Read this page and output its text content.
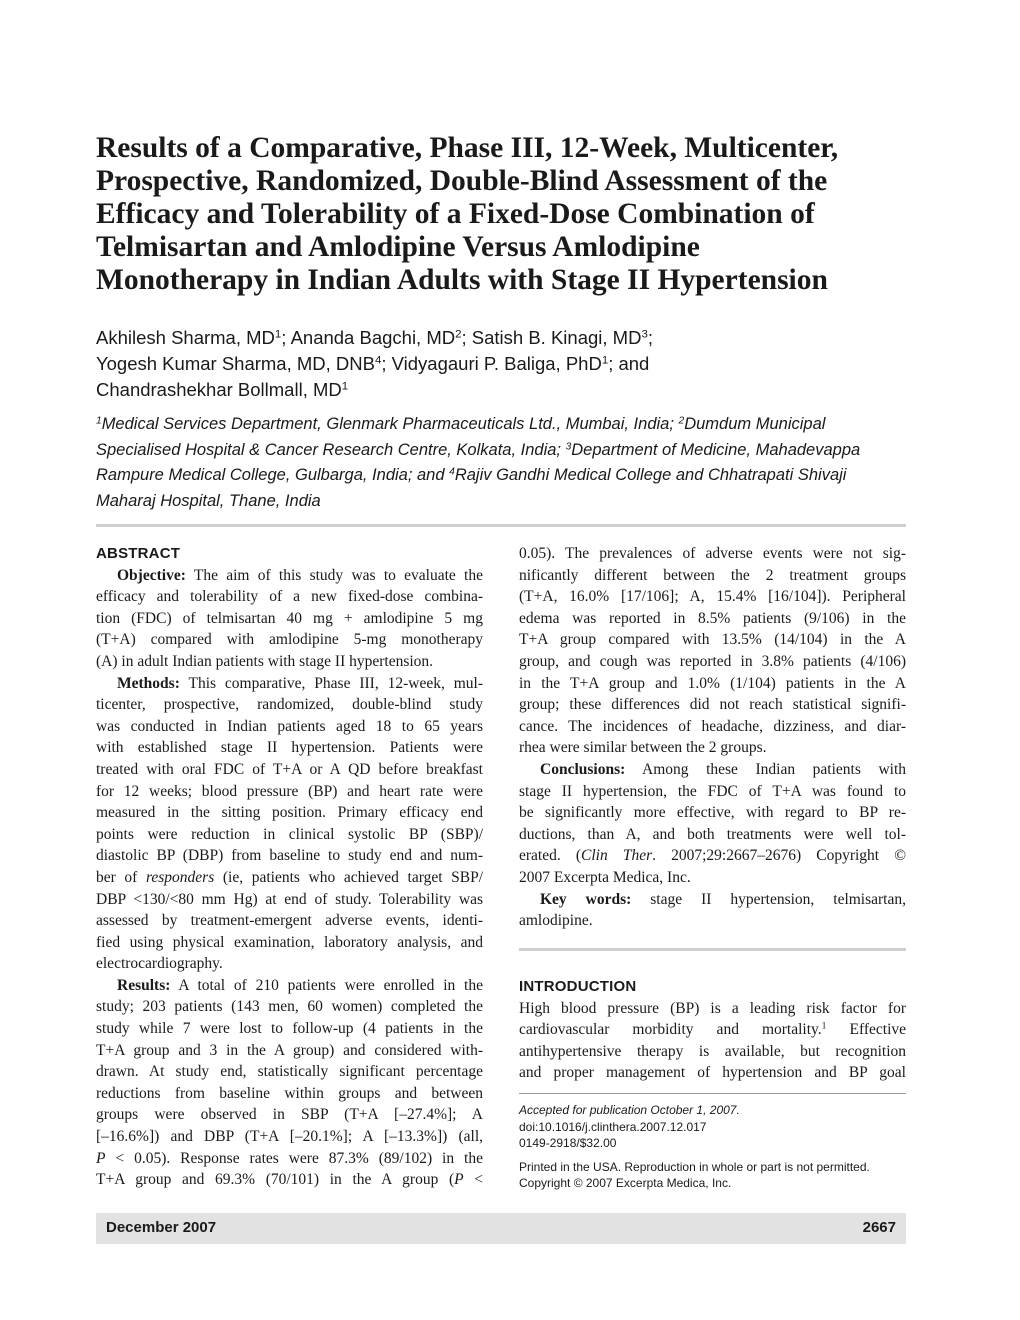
Results of a Comparative, Phase III, 12-Week, Multicenter,
Prospective, Randomized, Double-Blind Assessment of the
Efficacy and Tolerability of a Fixed-Dose Combination of
Telmisartan and Amlodipine Versus Amlodipine
Monotherapy in Indian Adults with Stage II Hypertension
Akhilesh Sharma, $MD^1$; Ananda Bagchi, $MD^2$; Satish B. Kinagi, $MD^3$;
Yogesh Kumar Sharma, MD, DNB$^4$; Vidyagauri P. Baliga, PhD$^1$; and
Chandrashekhar Bollmall, $MD^1$
$^1$Medical Services Department, Glenmark Pharmaceuticals Ltd., Mumbai, India; $^2$Dumdum Municipal
Specialised Hospital & Cancer Research Centre, Kolkata, India; $^3$Department of Medicine, Mahadevappa
Rampure Medical College, Gulbarga, India; and $^4$Rajiv Gandhi Medical College and Chhatrapati Shivaji
Maharaj Hospital, Thane, India
ABSTRACT
Objective: The aim of this study was to evaluate the
efficacy and tolerability of a new fixed-dose combina-
tion (FDC) of telmisartan 40 mg + amlodipine 5 mg
(T+A) compared with amlodipine 5-mg monotherapy
(A) in adult Indian patients with stage II hypertension.
Methods: This comparative, Phase III, 12-week, mul-
ticenter, prospective, randomized, double-blind study
was conducted in Indian patients aged 18 to 65 years
with established stage II hypertension. Patients were
treated with oral FDC of T+A or A QD before breakfast
for 12 weeks; blood pressure (BP) and heart rate were
measured in the sitting position. Primary efficacy end
points were reduction in clinical systolic BP (SBP)/
diastolic BP (DBP) from baseline to study end and num-
ber of responders (ie, patients who achieved target SBP/
DBP <130/<80 mm Hg) at end of study. Tolerability was
assessed by treatment-emergent adverse events, identi-
fied using physical examination, laboratory analysis, and
electrocardiography.
Results: A total of 210 patients were enrolled in the
study; 203 patients (143 men, 60 women) completed the
study while 7 were lost to follow-up (4 patients in the
T+A group and 3 in the A group) and considered with-
drawn. At study end, statistically significant percentage
reductions from baseline within groups and between
groups were observed in SBP (T+A [–27.4%]; A
[–16.6%]) and DBP (T+A [–20.1%]; A [–13.3%]) (all,
P < 0.05). Response rates were 87.3% (89/102) in the
T+A group and 69.3% (70/101) in the A group (P <
0.05). The prevalences of adverse events were not sig-
nificantly different between the 2 treatment groups
(T+A, 16.0% [17/106]; A, 15.4% [16/104]). Peripheral
edema was reported in 8.5% patients (9/106) in the
T+A group compared with 13.5% (14/104) in the A
group, and cough was reported in 3.8% patients (4/106)
in the T+A group and 1.0% (1/104) patients in the A
group; these differences did not reach statistical signifi-
cance. The incidences of headache, dizziness, and diar-
rhea were similar between the 2 groups.
Conclusions: Among these Indian patients with
stage II hypertension, the FDC of T+A was found to
be significantly more effective, with regard to BP re-
ductions, than A, and both treatments were well tol-
erated. (Clin Ther. 2007;29:2667–2676) Copyright ©
2007 Excerpta Medica, Inc.
Key words: stage II hypertension, telmisartan,
amlodipine.
INTRODUCTION
High blood pressure (BP) is a leading risk factor for
cardiovascular morbidity and mortality.$^1$ Effective
antihypertensive therapy is available, but recognition
and proper management of hypertension and BP goal
Accepted for publication October 1, 2007.
doi:10.1016/j.clinthera.2007.12.017
0149-2918/$32.00
Printed in the USA. Reproduction in whole or part is not permitted.
Copyright © 2007 Excerpta Medica, Inc.
December 2007	2667
